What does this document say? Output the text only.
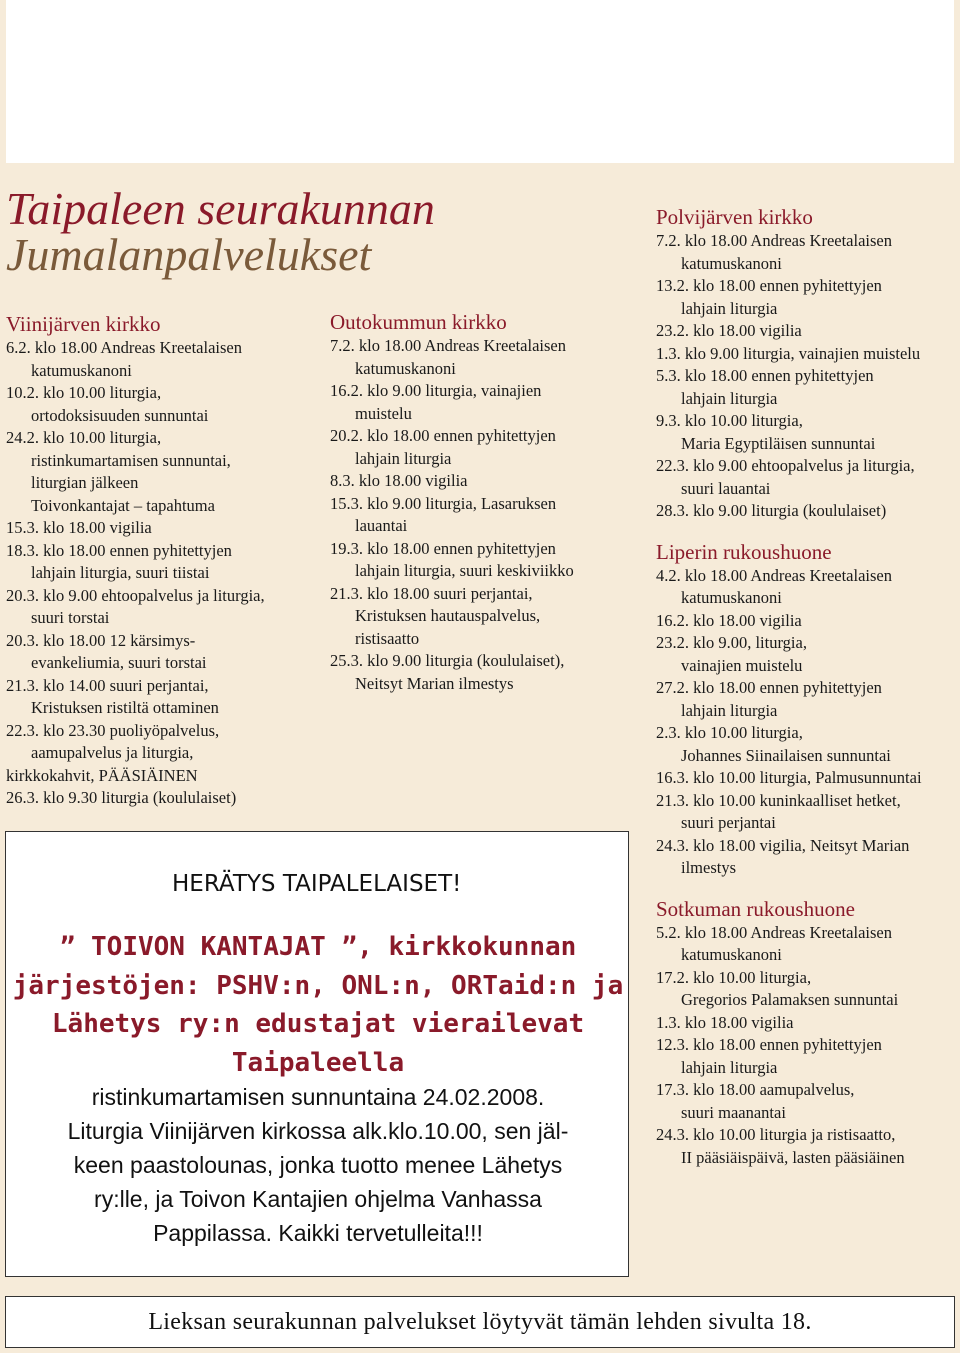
Taipaleen seurakunnan
Jumalanpalvelukset
Viinijärven kirkko
6.2. klo 18.00 Andreas Kreetalaisen
katumuskanoni
10.2. klo 10.00 liturgia,
ortodoksisuuden sunnuntai
24.2. klo 10.00 liturgia,
ristinkumartamisen sunnuntai,
liturgian jälkeen
Toivonkantajat – tapahtuma
15.3. klo 18.00 vigilia
18.3. klo 18.00 ennen pyhitettyjen
lahjain liturgia, suuri tiistai
20.3. klo 9.00 ehtoopalvelus ja liturgia,
suuri torstai
20.3. klo 18.00 12 kärsimys-
evankeliumia, suuri torstai
21.3. klo 14.00 suuri perjantai,
Kristuksen ristiltä ottaminen
22.3. klo 23.30 puoliyöpalvelus,
aamupalvelus ja liturgia,
kirkkokahvit, PÄÄSIÄINEN
26.3. klo 9.30 liturgia (koululaiset)
Outokummun kirkko
7.2. klo 18.00 Andreas Kreetalaisen
katumuskanoni
16.2. klo 9.00 liturgia, vainajien
muistelu
20.2. klo 18.00 ennen pyhitettyjen
lahjain liturgia
8.3. klo 18.00 vigilia
15.3. klo 9.00 liturgia, Lasaruksen
lauantai
19.3. klo 18.00 ennen pyhitettyjen
lahjain liturgia, suuri keskiviikko
21.3. klo 18.00 suuri perjantai,
Kristuksen hautauspalvelus,
ristisaatto
25.3. klo 9.00 liturgia (koululaiset),
Neitsyt Marian ilmestys
Polvijärven kirkko
7.2. klo 18.00 Andreas Kreetalaisen
katumuskanoni
13.2. klo 18.00 ennen pyhitettyjen
lahjain liturgia
23.2. klo 18.00 vigilia
1.3. klo 9.00 liturgia, vainajien muistelu
5.3. klo 18.00 ennen pyhitettyjen
lahjain liturgia
9.3. klo 10.00 liturgia,
Maria Egyptiläisen sunnuntai
22.3. klo 9.00 ehtoopalvelus ja liturgia,
suuri lauantai
28.3. klo 9.00 liturgia (koululaiset)
Liperin rukoushuone
4.2. klo 18.00 Andreas Kreetalaisen
katumuskanoni
16.2. klo 18.00 vigilia
23.2. klo 9.00, liturgia,
vainajien muistelu
27.2. klo 18.00 ennen pyhitettyjen
lahjain liturgia
2.3. klo 10.00 liturgia,
Johannes Siinailaisen sunnuntai
16.3. klo 10.00 liturgia, Palmusunnuntai
21.3. klo 10.00 kuninkaalliset hetket,
suuri perjantai
24.3. klo 18.00 vigilia, Neitsyt Marian
ilmestys
Sotkuman rukoushuone
5.2. klo 18.00 Andreas Kreetalaisen
katumuskanoni
17.2. klo 10.00 liturgia,
Gregorios Palamaksen sunnuntai
1.3. klo 18.00 vigilia
12.3. klo 18.00 ennen pyhitettyjen
lahjain liturgia
17.3. klo 18.00 aamupalvelus,
suuri maanantai
24.3. klo 10.00 liturgia ja ristisaatto,
II pääsiäispäivä, lasten pääsiäinen
HERÄTYS TAIPALELAISET!

” TOIVON KANTAJAT ”, kirkkokunnan
järjestöjen: PSHV:n, ONL:n, ORTaid:n ja
Lähetys ry:n edustajat vierailevat
Taipaleella

ristinkumartamisen sunnuntaina 24.02.2008.
Liturgia Viinijärven kirkossa alk.klo.10.00, sen jäl-
keen paastolounas, jonka tuotto menee Lähetys
ry:lle, ja Toivon Kantajien ohjelma Vanhassa
Pappilassa. Kaikki tervetulleita!!!

Lieksan seurakunnan palvelukset löytyvät tämän lehden sivulta 18.
